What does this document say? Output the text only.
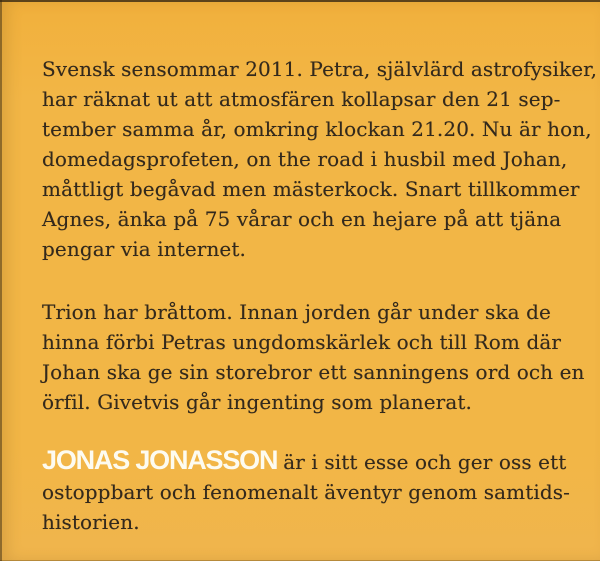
Svensk sensommar 2011. Petra, självlärd astrofysiker,
har räknat ut att atmosfären kollapsar den 21 sep-
tember samma år, omkring klockan 21.20. Nu är hon,
domedagsprofeten, on the road i husbil med Johan,
måttligt begåvad men mästerkock. Snart tillkommer
Agnes, änka på 75 vårar och en hejare på att tjäna
pengar via internet.
Trion har bråttom. Innan jorden går under ska de
hinna förbi Petras ungdomskärlek och till Rom där
Johan ska ge sin storebror ett sanningens ord och en
örfil. Givetvis går ingenting som planerat.
JONAS JONASSON är i sitt esse och ger oss ett
ostoppbart och fenomenalt äventyr genom samtids-
historien.
